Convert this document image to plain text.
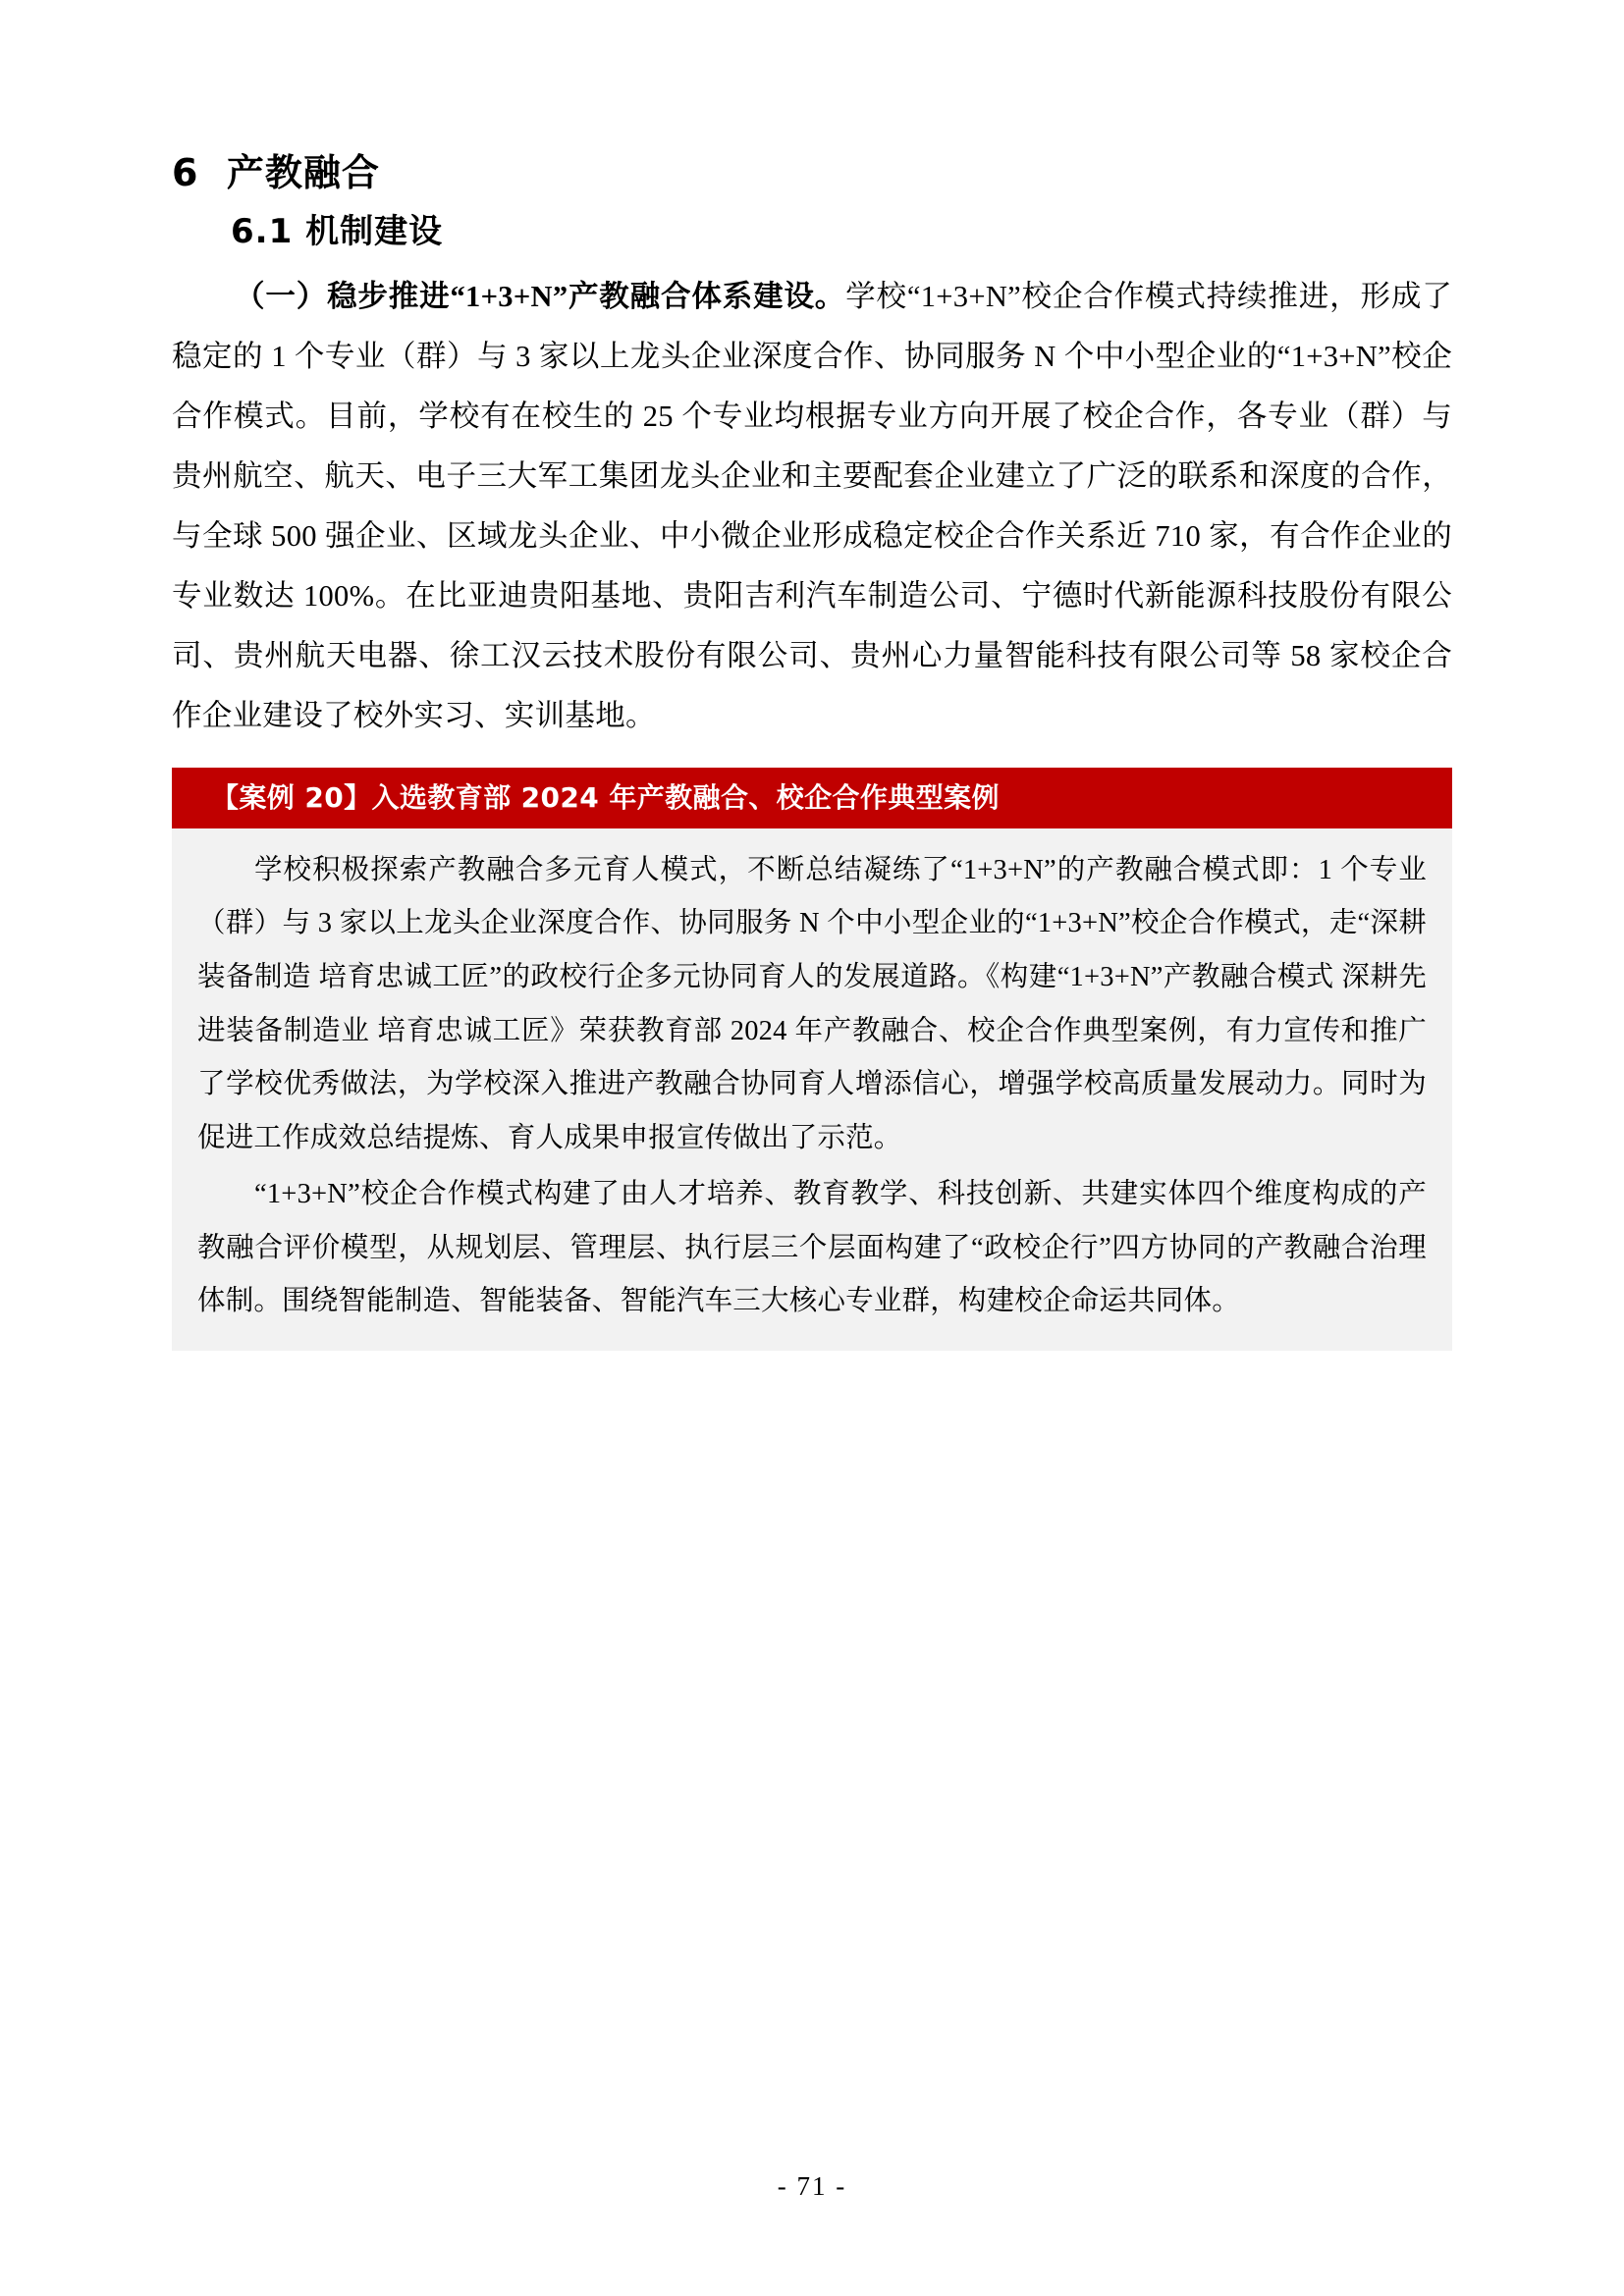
6 产教融合
6.1 机制建设

（一）稳步推进“1+3+N”产教融合体系建设。学校“1+3+N”校企合作模式持续推进，形成了稳定的 1 个专业（群）与 3 家以上龙头企业深度合作、协同服务 N 个中小型企业的“1+3+N”校企合作模式。目前，学校有在校生的 25 个专业均根据专业方向开展了校企合作，各专业（群）与贵州航空、航天、电子三大军工集团龙头企业和主要配套企业建立了广泛的联系和深度的合作，与全球 500 强企业、区域龙头企业、中小微企业形成稳定校企合作关系近 710 家，有合作企业的专业数达 100%。在比亚迪贵阳基地、贵阳吉利汽车制造公司、宁德时代新能源科技股份有限公司、贵州航天电器、徐工汉云技术股份有限公司、贵州心力量智能科技有限公司等 58 家校企合作企业建设了校外实习、实训基地。

【案例 20】入选教育部 2024 年产教融合、校企合作典型案例

学校积极探索产教融合多元育人模式，不断总结凝练了“1+3+N”的产教融合模式即：1 个专业（群）与 3 家以上龙头企业深度合作、协同服务 N 个中小型企业的“1+3+N”校企合作模式，走“深耕装备制造 培育忠诚工匠”的政校行企多元协同育人的发展道路。《构建“1+3+N”产教融合模式 深耕先进装备制造业 培育忠诚工匠》荣获教育部 2024 年产教融合、校企合作典型案例，有力宣传和推广了学校优秀做法，为学校深入推进产教融合协同育人增添信心，增强学校高质量发展动力。同时为促进工作成效总结提炼、育人成果申报宣传做出了示范。

“1+3+N”校企合作模式构建了由人才培养、教育教学、科技创新、共建实体四个维度构成的产教融合评价模型，从规划层、管理层、执行层三个层面构建了“政校企行”四方协同的产教融合治理体制。围绕智能制造、智能装备、智能汽车三大核心专业群，构建校企命运共同体。

- 71 -
